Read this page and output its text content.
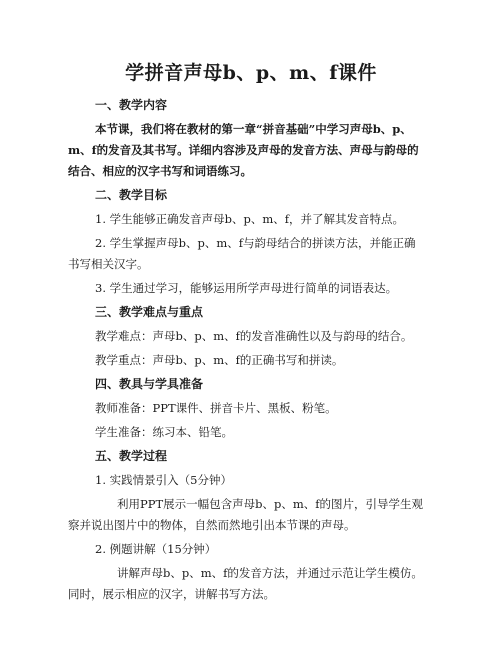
学拼音声母b、p、m、f课件
一、教学内容
本节课，我们将在教材的第一章“拼音基础”中学习声母b、p、
m、f的发音及其书写。详细内容涉及声母的发音方法、声母与韵母的
结合、相应的汉字书写和词语练习。
二、教学目标
1. 学生能够正确发音声母b、p、m、f，并了解其发音特点。
2. 学生掌握声母b、p、m、f与韵母结合的拼读方法，并能正确
书写相关汉字。
3. 学生通过学习，能够运用所学声母进行简单的词语表达。
三、教学难点与重点
教学难点：声母b、p、m、f的发音准确性以及与韵母的结合。
教学重点：声母b、p、m、f的正确书写和拼读。
四、教具与学具准备
教师准备：PPT课件、拼音卡片、黑板、粉笔。
学生准备：练习本、铅笔。
五、教学过程
1. 实践情景引入（5分钟）
利用PPT展示一幅包含声母b、p、m、f的图片，引导学生观
察并说出图片中的物体，自然而然地引出本节课的声母。
2. 例题讲解（15分钟）
讲解声母b、p、m、f的发音方法，并通过示范让学生模仿。
同时，展示相应的汉字，讲解书写方法。
